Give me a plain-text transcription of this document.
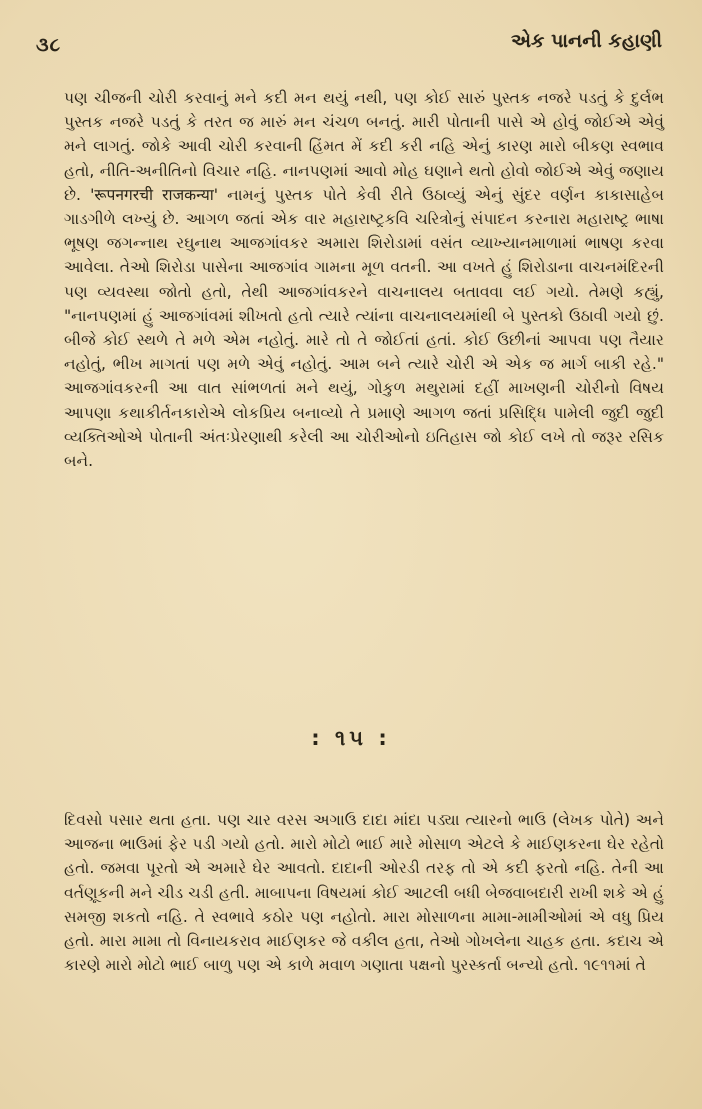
૩૮	એક પાનની કહાણી

પણ ચીજની ચોરી કરવાનું મને કદી મન થયું નથી, પણ કોઈ સારું પુસ્તક નજરે પડતું કે દુર્લભ પુસ્તક નજરે પડતું કે તરત જ મારું મન ચંચળ બનતું. મારી પોતાની પાસે એ હોવું જોઈએ એવું મને લાગતું. જોકે આવી ચોરી કરવાની હિંમત મેં કદી કરી નહિ એનું કારણ મારો બીકણ સ્વભાવ હતો, નીતિ-અનીતિનો વિચાર નહિ. નાનપણમાં આવો મોહ ઘણાને થતો હોવો જોઈએ એવું જણાય છે. 'रूपनगरची राजकन्या' નામનું પુસ્તક પોતે કેવી રીતે ઉઠાવ્યું એનું સુંદર વર્ણન કાકાસાહેબ ગાડગીળે લખ્યું છે. આગળ જતાં એક વાર મહારાષ્ટ્રકવિ ચરિત્રોનું સંપાદન કરનારા મહારાષ્ટ્ર ભાષા ભૂષણ જગન્નાથ રઘુનાથ આજગાંવકર અમારા શિરોડામાં વસંત વ્યાખ્યાનમાળામાં ભાષણ કરવા આવેલા. તેઓ શિરોડા પાસેના આજગાંવ ગામના મૂળ વતની. આ વખતે હું શિરોડાના વાચનમંદિરની પણ વ્યવસ્થા જોતો હતો, તેથી આજગાંવકરને વાચનાલય બતાવવા લઈ ગયો. તેમણે કહ્યું, "નાનપણમાં હું આજગાંવમાં શીખતો હતો ત્યારે ત્યાંના વાચનાલયમાંથી બે પુસ્તકો ઉઠાવી ગયો છું. બીજે કોઈ સ્થળે તે મળે એમ નહોતું. મારે તો તે જોઈતાં હતાં. કોઈ ઉછીનાં આપવા પણ તૈયાર નહોતું, ભીખ માગતાં પણ મળે એવું નહોતું. આમ બને ત્યારે ચોરી એ એક જ માર્ગ બાકી રહે." આજગાંવકરની આ વાત સાંભળતાં મને થયું, ગોકુળ મથુરામાં દહીં માખણની ચોરીનો વિષય આપણા કથાકીર્તનકારોએ લોકપ્રિય બનાવ્યો તે પ્રમાણે આગળ જતાં પ્રસિદ્ધિ પામેલી જુદી જુદી વ્યક્તિઓએ પોતાની અંતઃપ્રેરણાથી કરેલી આ ચોરીઓનો ઇતિહાસ જો કોઈ લખે તો જરૂર રસિક બને.

: ૧૫ :

દિવસો પસાર થતા હતા. પણ ચાર વરસ અગાઉ દાદા માંદા પડ્યા ત્યારનો ભાઉ (લેખક પોતે) અને આજના ભાઉમાં ફેર પડી ગયો હતો. મારો મોટો ભાઈ મારે મોસાળ એટલે કે માઈણકરના ઘેર રહેતો હતો. જમવા પૂરતો એ અમારે ઘેર આવતો. દાદાની ઓરડી તરફ તો એ કદી ફરતો નહિ. તેની આ વર્તણૂકની મને ચીડ ચડી હતી. માબાપના વિષયમાં કોઈ આટલી બધી બેજવાબદારી રાખી શકે એ હું સમજી શકતો નહિ. તે સ્વભાવે કઠોર પણ નહોતો. મારા મોસાળના મામા-મામીઓમાં એ વધુ પ્રિય હતો. મારા મામા તો વિનાયકરાવ માઈણકર જે વકીલ હતા, તેઓ ગોખલેના ચાહક હતા. કદાચ એ કારણે મારો મોટો ભાઈ બાળુ પણ એ કાળે મવાળ ગણાતા પક્ષનો પુરસ્કર્તા બન્યો હતો. ૧૯૧૧માં તે
